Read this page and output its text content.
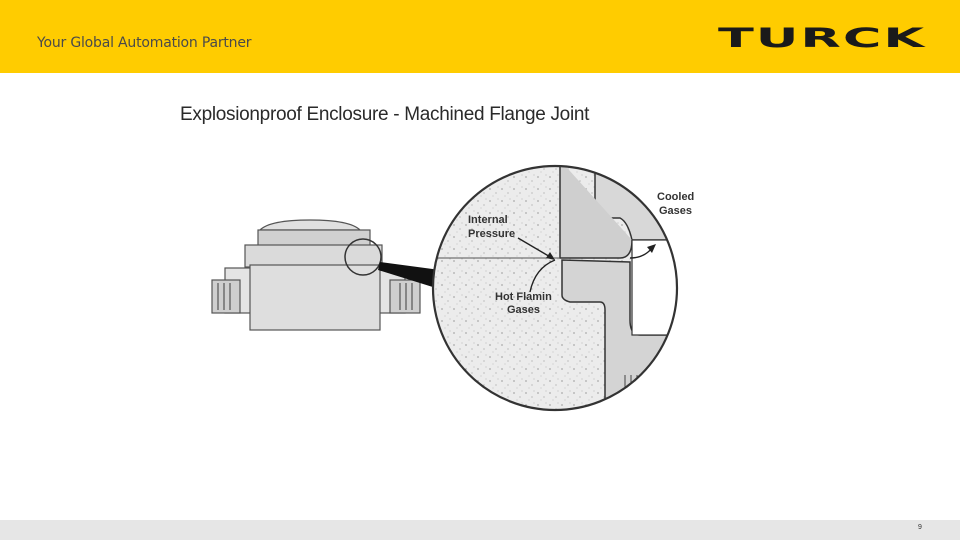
Your Global Automation Partner	TURCK
Explosionproof Enclosure - Machined Flange Joint
Internal
Pressure
Hot Flamin
Gases
Cooled
Gases
9
